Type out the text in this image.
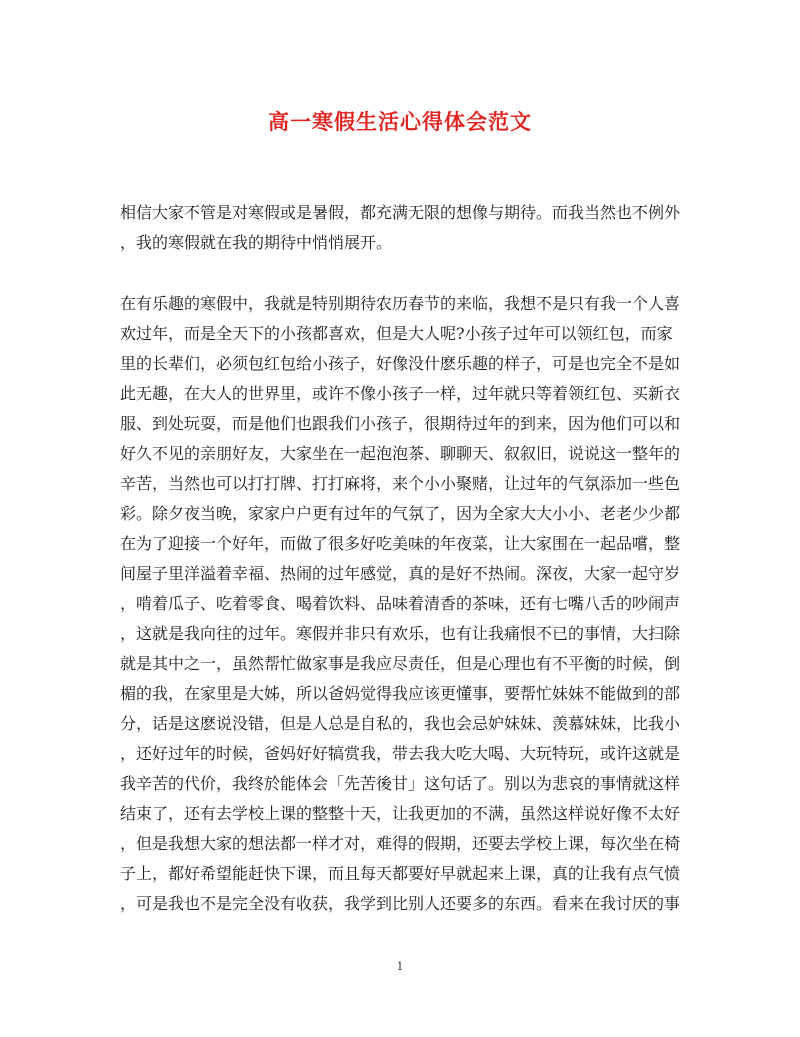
高一寒假生活心得体会范文
相信大家不管是对寒假或是暑假，都充满无限的想像与期待。而我当然也不例外
，我的寒假就在我的期待中悄悄展开。
在有乐趣的寒假中，我就是特别期待农历春节的来临，我想不是只有我一个人喜
欢过年，而是全天下的小孩都喜欢，但是大人呢?小孩子过年可以领红包，而家
里的长辈们，必须包红包给小孩子，好像没什麽乐趣的样子，可是也完全不是如
此无趣，在大人的世界里，或许不像小孩子一样，过年就只等着领红包、买新衣
服、到处玩耍，而是他们也跟我们小孩子，很期待过年的到来，因为他们可以和
好久不见的亲朋好友，大家坐在一起泡泡茶、聊聊天、叙叙旧，说说这一整年的
辛苦，当然也可以打打牌、打打麻将，来个小小聚赌，让过年的气氛添加一些色
彩。除夕夜当晚，家家户户更有过年的气氛了，因为全家大大小小、老老少少都
在为了迎接一个好年，而做了很多好吃美味的年夜菜，让大家围在一起品嚐，整
间屋子里洋溢着幸福、热闹的过年感觉，真的是好不热闹。深夜，大家一起守岁
，啃着瓜子、吃着零食、喝着饮料、品味着清香的茶味，还有七嘴八舌的吵闹声
，这就是我向往的过年。寒假并非只有欢乐，也有让我痛恨不已的事情，大扫除
就是其中之一，虽然帮忙做家事是我应尽责任，但是心理也有不平衡的时候，倒
楣的我，在家里是大姊，所以爸妈觉得我应该更懂事，要帮忙妹妹不能做到的部
分，话是这麽说没错，但是人总是自私的，我也会忌妒妹妹、羡慕妹妹，比我小
，还好过年的时候，爸妈好好犒赏我，带去我大吃大喝、大玩特玩，或许这就是
我辛苦的代价，我终於能体会「先苦後甘」这句话了。别以为悲哀的事情就这样
结束了，还有去学校上课的整整十天，让我更加的不满，虽然这样说好像不太好
，但是我想大家的想法都一样才对，难得的假期，还要去学校上课，每次坐在椅
子上，都好希望能赶快下课，而且每天都要好早就起来上课，真的让我有点气愤
，可是我也不是完全没有收获，我学到比别人还要多的东西。看来在我讨厌的事
1
